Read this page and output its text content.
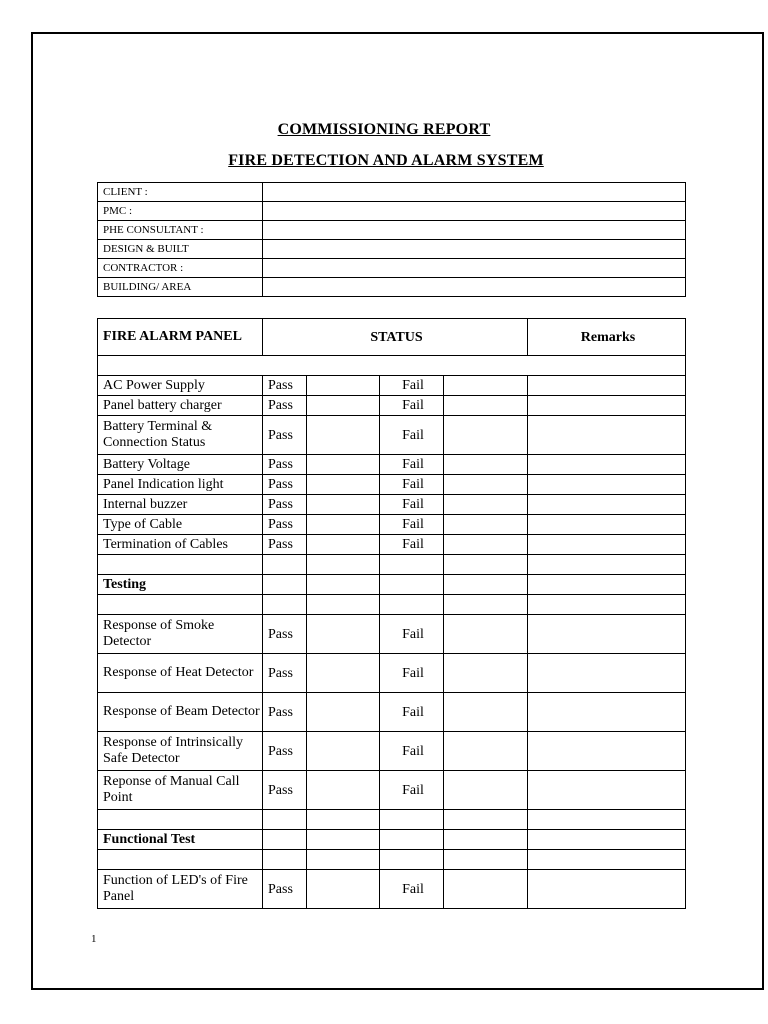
COMMISSIONING REPORT
FIRE DETECTION AND ALARM SYSTEM
CLIENT :	
PMC :	
PHE CONSULTANT :	
DESIGN & BUILT	
CONTRACTOR :	
BUILDING/ AREA	
FIRE ALARM PANEL	STATUS				Remarks

AC Power Supply	Pass		Fail		
Panel battery charger	Pass		Fail		
Battery Terminal & Connection Status	Pass		Fail		
Battery Voltage	Pass		Fail		
Panel Indication light	Pass		Fail		
Internal buzzer	Pass		Fail		
Type of Cable	Pass		Fail		
Termination of Cables	Pass		Fail		

Testing					

Response of Smoke Detector	Pass		Fail		
Response of Heat Detector	Pass		Fail		
Response of Beam Detector	Pass		Fail		
Response of Intrinsically Safe Detector	Pass		Fail		
Reponse of Manual Call Point	Pass		Fail		

Functional Test					

Function of LED's of Fire Panel	Pass		Fail		
1
